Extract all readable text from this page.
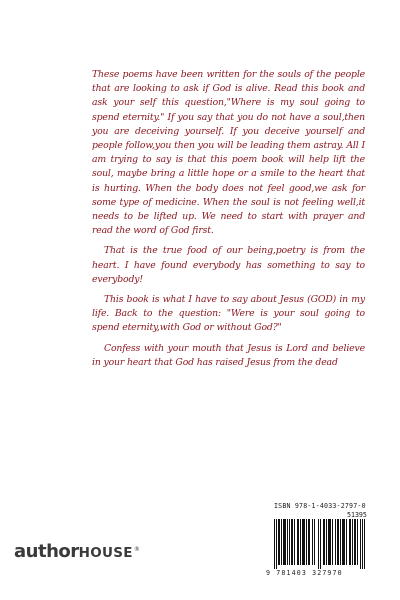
These poems have been written for the souls of the people that are looking to ask if God is alive. Read this book and ask your self this question,"Where is my soul going to spend eternity." If you say that you do not have a soul,then you are deceiving yourself. If you deceive yourself and people follow,you then you will be leading them astray. All I am trying to say is that this poem book will help lift the soul, maybe bring a little hope or a smile to the heart that is hurting. When the body does not feel good,we ask for some type of medicine. When the soul is not feeling well,it needs to be lifted up. We need to start with prayer and read the word of God first.

That is the true food of our being,poetry is from the heart. I have found everybody has something to say to everybody!

This book is what I have to say about Jesus (GOD) in my life. Back to the question: "Were is your soul going to spend eternity,with God or without God?"

Confess with your mouth that Jesus is Lord and believe in your heart that God has raised Jesus from the dead

ISBN 978-1-4033-2797-0
51395
9 781403 327970
authorHOUSE®
